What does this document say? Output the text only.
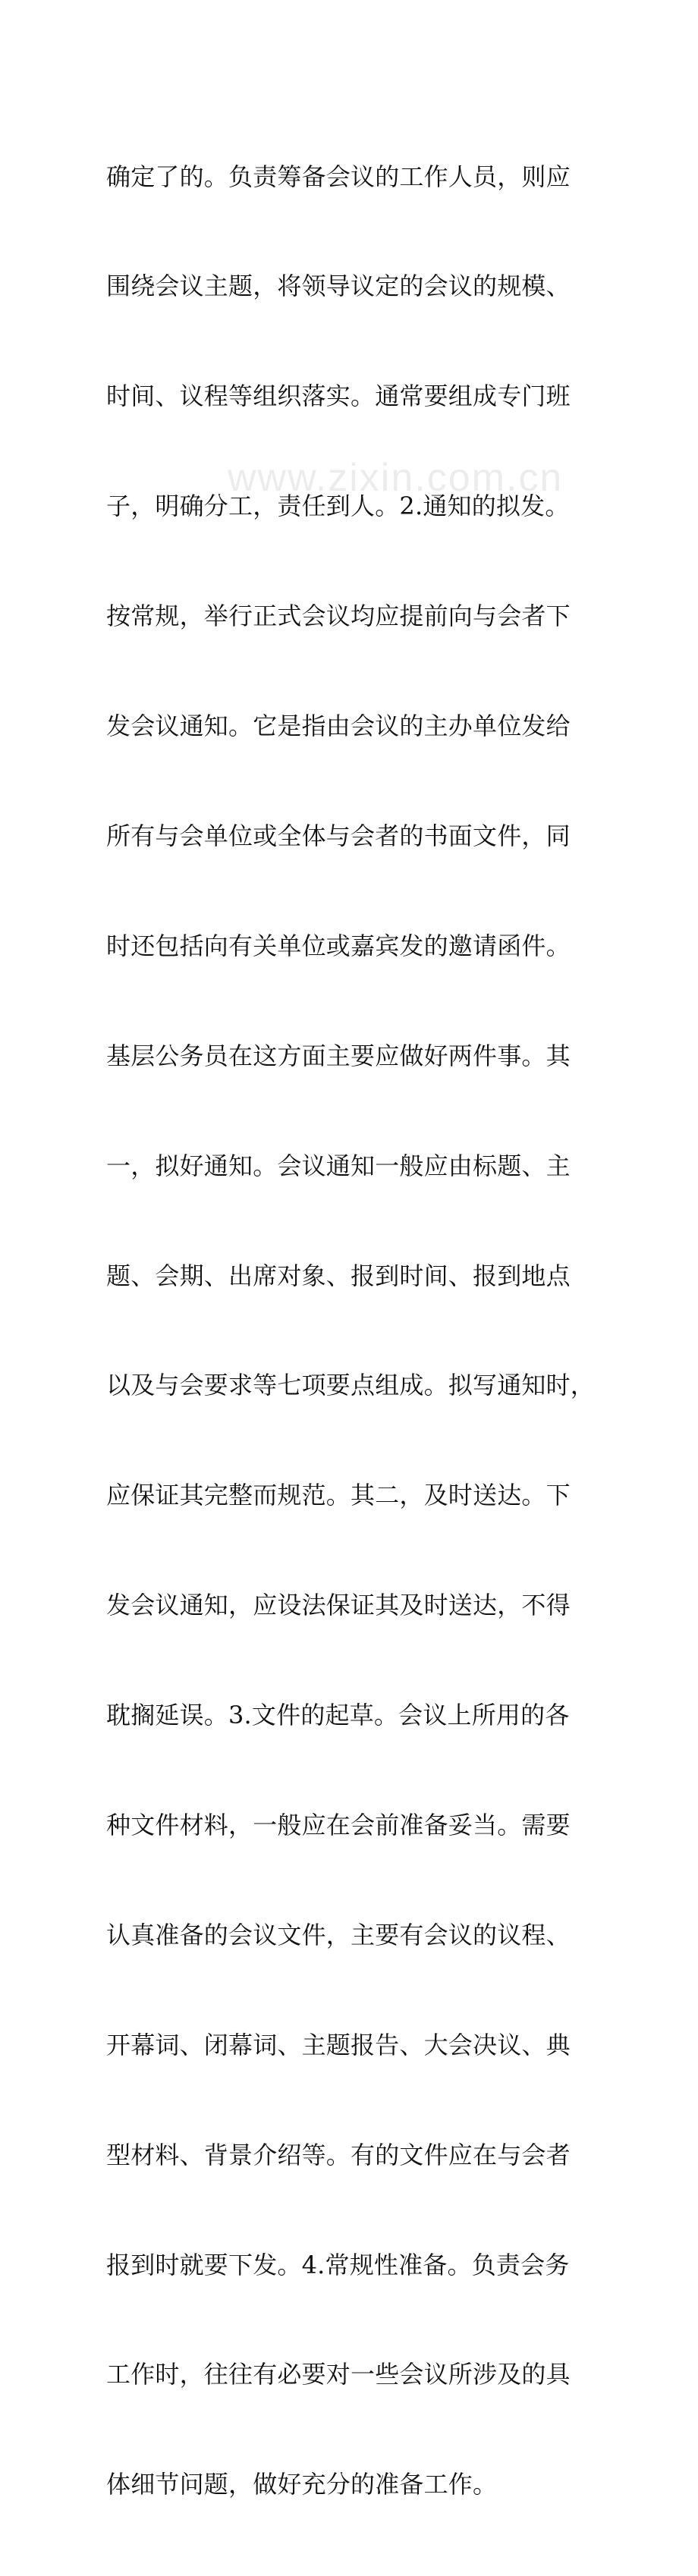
确定了的。负责筹备会议的工作人员，则应

围绕会议主题，将领导议定的会议的规模、

时间、议程等组织落实。通常要组成专门班

子，明确分工，责任到人。2.通知的拟发。

按常规，举行正式会议均应提前向与会者下

发会议通知。它是指由会议的主办单位发给

所有与会单位或全体与会者的书面文件，同

时还包括向有关单位或嘉宾发的邀请函件。

基层公务员在这方面主要应做好两件事。其

一，拟好通知。会议通知一般应由标题、主

题、会期、出席对象、报到时间、报到地点

以及与会要求等七项要点组成。拟写通知时，

应保证其完整而规范。其二，及时送达。下

发会议通知，应设法保证其及时送达，不得

耽搁延误。3.文件的起草。会议上所用的各

种文件材料，一般应在会前准备妥当。需要

认真准备的会议文件，主要有会议的议程、

开幕词、闭幕词、主题报告、大会决议、典

型材料、背景介绍等。有的文件应在与会者

报到时就要下发。4.常规性准备。负责会务

工作时，往往有必要对一些会议所涉及的具

体细节问题，做好充分的准备工作。

www.zixin.com.cn
